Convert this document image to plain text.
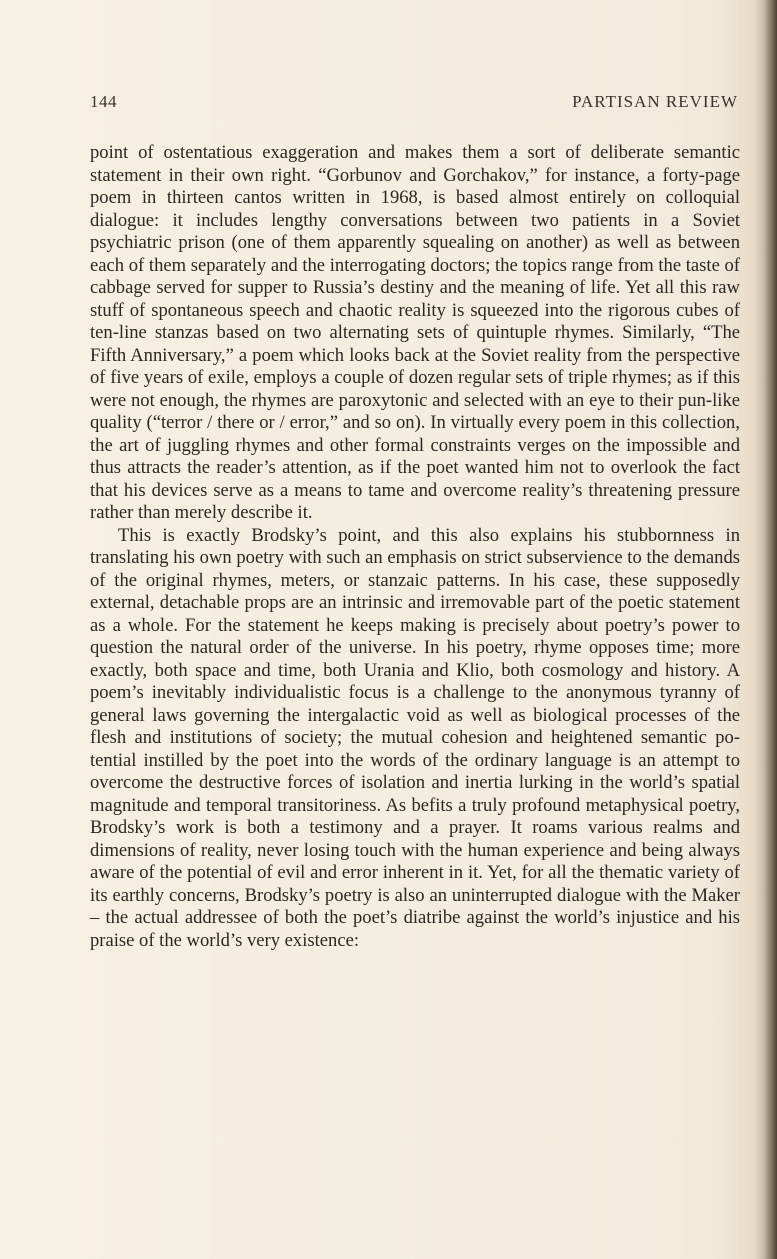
144	PARTISAN REVIEW

point of ostentatious exaggeration and makes them a sort of deliberate semantic statement in their own right. “Gorbunov and Gorchakov,” for instance, a forty-page poem in thirteen cantos written in 1968, is based almost entirely on colloquial dialogue: it includes lengthy conversations between two patients in a Soviet psychiatric prison (one of them apparently squealing on another) as well as between each of them separately and the interrogating doctors; the topics range from the taste of cabbage served for supper to Russia’s destiny and the meaning of life. Yet all this raw stuff of spontaneous speech and chaotic reality is squeezed into the rigorous cubes of ten-line stanzas based on two alternating sets of quintuple rhymes. Similarly, “The Fifth Anniversary,” a poem which looks back at the Soviet reality from the perspective of five years of exile, employs a couple of dozen regular sets of triple rhymes; as if this were not enough, the rhymes are paroxytonic and selected with an eye to their pun-like quality (“terror / there or / error,” and so on). In virtually every poem in this collection, the art of juggling rhymes and other formal constraints verges on the impossible and thus attracts the reader’s attention, as if the poet wanted him not to overlook the fact that his devices serve as a means to tame and overcome reality’s threatening pressure rather than merely describe it.

This is exactly Brodsky’s point, and this also explains his stubbornness in translating his own poetry with such an emphasis on strict subservience to the demands of the original rhymes, meters, or stanzaic patterns. In his case, these supposedly external, detachable props are an intrinsic and irremovable part of the poetic statement as a whole. For the statement he keeps making is precisely about poetry’s power to question the natural order of the universe. In his poetry, rhyme opposes time; more exactly, both space and time, both Urania and Klio, both cosmology and history. A poem’s inevitably individualistic focus is a challenge to the anonymous tyranny of general laws governing the intergalactic void as well as biological processes of the flesh and institutions of society; the mutual cohesion and heightened semantic potential instilled by the poet into the words of the ordinary language is an attempt to overcome the destructive forces of isolation and inertia lurking in the world’s spatial magnitude and temporal transitoriness. As befits a truly profound metaphysical poetry, Brodsky’s work is both a testimony and a prayer. It roams various realms and dimensions of reality, never losing touch with the human experience and being always aware of the potential of evil and error inherent in it. Yet, for all the thematic variety of its earthly concerns, Brodsky’s poetry is also an uninterrupted dialogue with the Maker – the actual addressee of both the poet’s diatribe against the world’s injustice and his praise of the world’s very existence:
